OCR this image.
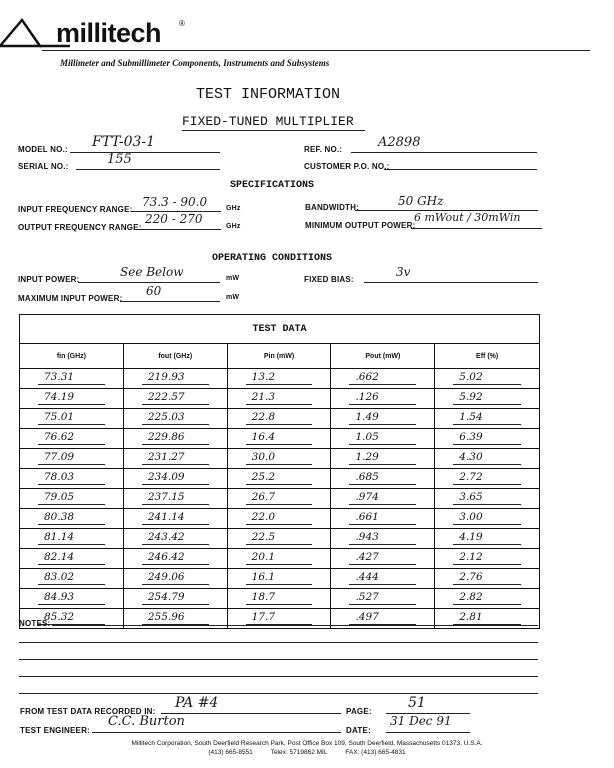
millitech ®
Millimeter and Submillimeter Components, Instruments and Subsystems
TEST INFORMATION
FIXED-TUNED MULTIPLIER
MODEL NO.: FTT-03-1
SERIAL NO.:	155
REF. NO.:	A2898
CUSTOMER P.O. NO.:
SPECIFICATIONS
INPUT FREQUENCY RANGE:
73.3 - 90.0	GHz
OUTPUT FREQUENCY RANGE:
220 - 270
GHz
BANDWIDTH:	50 GHz
MINIMUM OUTPUT POWER:
6 mWout / 30mWin
OPERATING CONDITIONS
INPUT POWER:
See Below	mW
MAXIMUM INPUT POWER:
60	mW
FIXED BIAS:
3v
TEST DATA				
fin (GHz)	fout (GHz)	Pin (mW)	Pout (mW)	Eff (%)

73.31	219.93	13.2	.662	5.02

74.19	222.57	21.3	.126	5.92

75.01	225.03	22.8	1.49	1.54

76.62	229.86	16.4	1.05	6.39

77.09	231.27	30.0	1.29	4.30

78.03	234.09	25.2	.685	2.72

79.05	237.15	26.7	.974	3.65

80.38	241.14	22.0	.661	3.00

81.14	243.42	22.5	.943	4.19

82.14	246.42	20.1	.427	2.12

83.02	249.06	16.1	.444	2.76

84.93	254.79	18.7	.527	2.82

85.32	255.96	17.7	.497	2.81
NOTES:
FROM TEST DATA RECORDED IN:
PA #4
PAGE:
51
TEST ENGINEER:
C.C. Burton
DATE:
31 Dec 91
Millitech Corporation, South Deerfield Research Park, Post Office Box 109, South Deerfield, Massachusetts 01373, U.S.A.
(413) 665-8551          Telex: 5719862 MIL          FAX: (413) 665-4831
